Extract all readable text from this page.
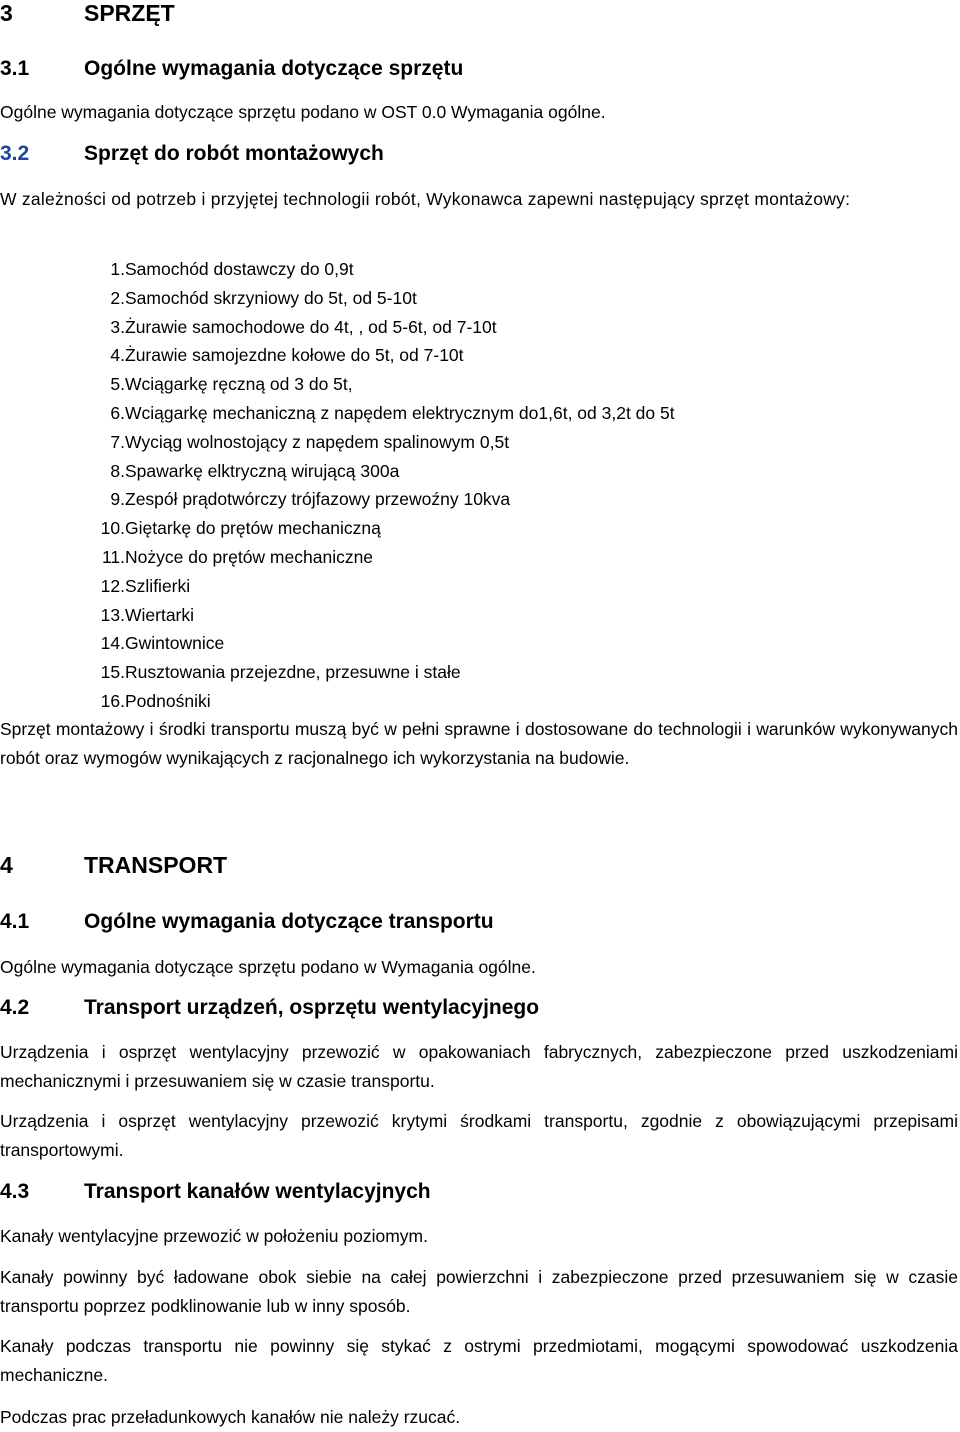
3	SPRZĘT
3.1	Ogólne wymagania dotyczące sprzętu

Ogólne wymagania dotyczące sprzętu podano w OST 0.0 Wymagania ogólne.

3.2	Sprzęt do robót montażowych

W zależności od potrzeb i przyjętej technologii robót, Wykonawca zapewni następujący sprzęt montażowy:

1. Samochód dostawczy do 0,9t
2. Samochód skrzyniowy do 5t, od 5-10t
3. Żurawie samochodowe do 4t, , od 5-6t, od 7-10t
4. Żurawie samojezdne kołowe do 5t, od 7-10t
5. Wciągarkę ręczną od 3 do 5t,
6. Wciągarkę mechaniczną z napędem elektrycznym do1,6t, od 3,2t do 5t
7. Wyciąg wolnostojący z napędem spalinowym 0,5t
8. Spawarkę elktryczną wirującą 300a
9. Zespół prądotwórczy trójfazowy przewoźny 10kva
10. Giętarkę do prętów mechaniczną
11. Nożyce do prętów mechaniczne
12. Szlifierki
13. Wiertarki
14. Gwintownice
15. Rusztowania przejezdne, przesuwne i stałe
16. Podnośniki

Sprzęt montażowy i środki transportu muszą być w pełni sprawne i dostosowane do technologii i warunków wykonywanych robót oraz wymogów wynikających z racjonalnego ich wykorzystania na budowie.

4	TRANSPORT
4.1	Ogólne wymagania dotyczące transportu

Ogólne wymagania dotyczące sprzętu podano w Wymagania ogólne.

4.2	Transport urządzeń, osprzętu wentylacyjnego

Urządzenia i osprzęt wentylacyjny przewozić w opakowaniach fabrycznych, zabezpieczone przed uszkodzeniami mechanicznymi i przesuwaniem się w czasie transportu.

Urządzenia i osprzęt wentylacyjny przewozić krytymi środkami transportu, zgodnie z obowiązującymi przepisami transportowymi.

4.3	Transport kanałów wentylacyjnych

Kanały wentylacyjne przewozić w położeniu poziomym.

Kanały powinny być ładowane obok siebie na całej powierzchni i zabezpieczone przed przesuwaniem się w czasie transportu poprzez podklinowanie lub w inny sposób.

Kanały podczas transportu nie powinny się stykać z ostrymi przedmiotami, mogącymi spowodować uszkodzenia mechaniczne.

Podczas prac przeładunkowych kanałów nie należy rzucać.
